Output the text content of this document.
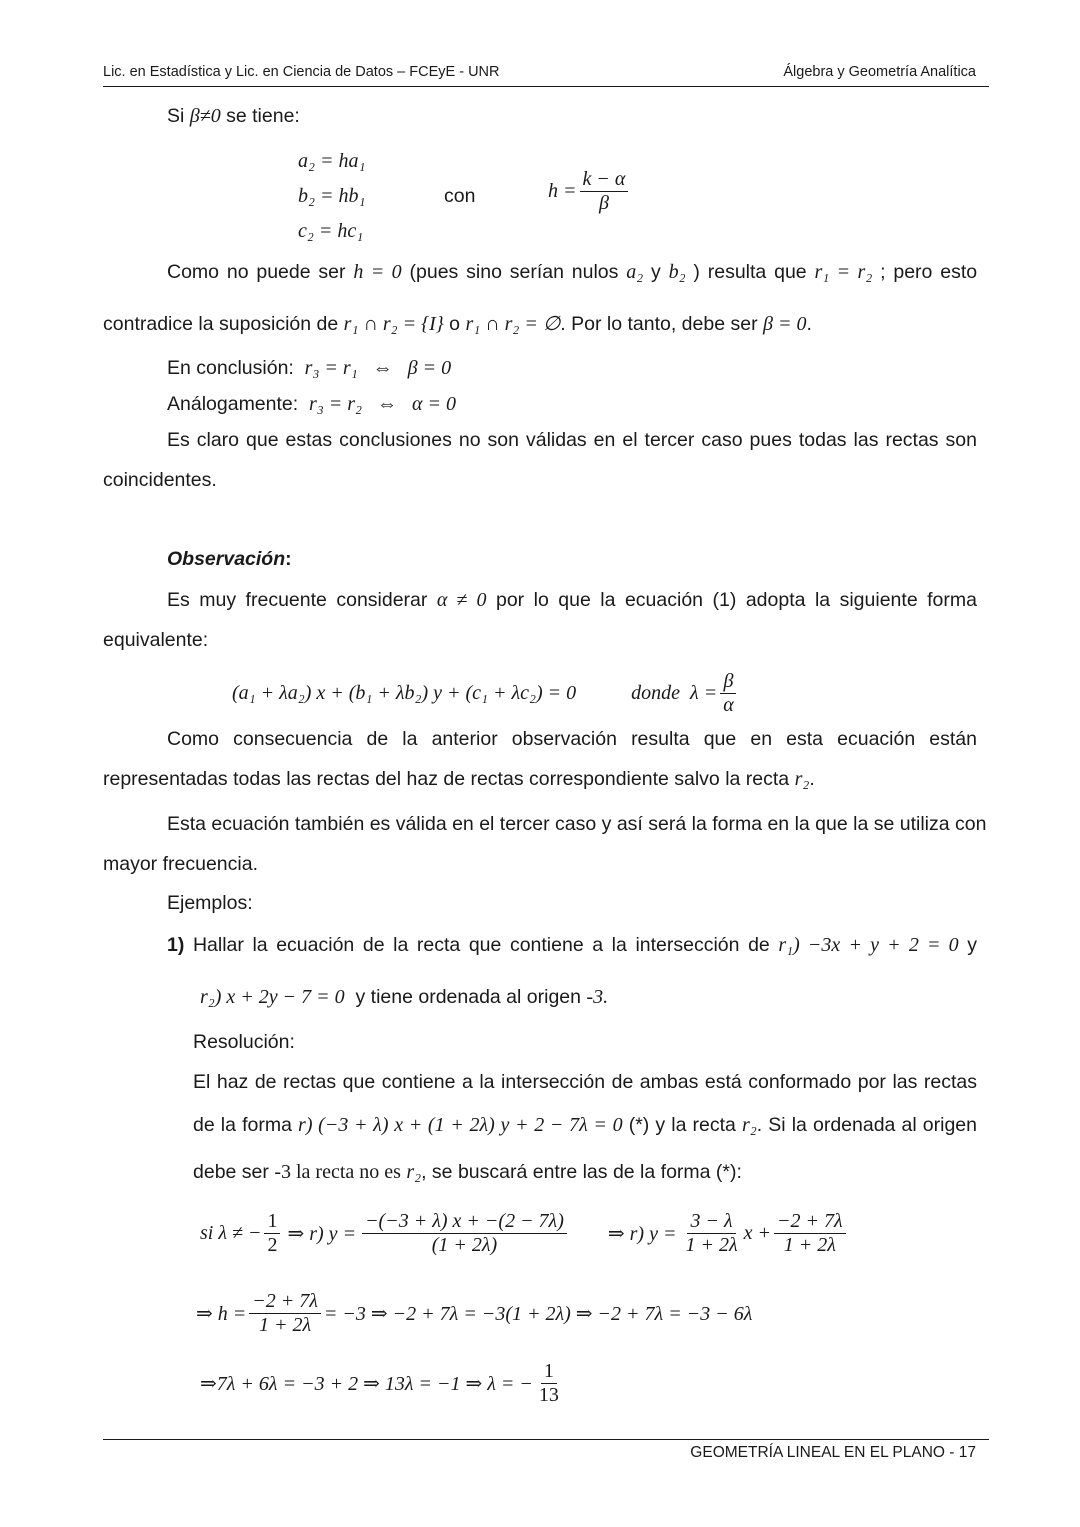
Lic. en Estadística y Lic. en Ciencia de Datos – FCEyE - UNR	Álgebra y Geometría Analítica
Si β≠0 se tiene:
a₂ = ha₁
b₂ = hb₁
c₂ = hc₁
con	$h = \frac{k - \alpha}{\beta}$
Como no puede ser h = 0 (pues sino serían nulos a₂ y b₂ ) resulta que r₁ = r₂ ; pero esto
contradice la suposición de r₁ ∩ r₂ = {I} o r₁ ∩ r₂ = ∅. Por lo tanto, debe ser β = 0.
En conclusión: r₃ = r₁   ⇔   β = 0
Análogamente: r₃ = r₂   ⇔   α = 0
Es claro que estas conclusiones no son válidas en el tercer caso pues todas las rectas son
coincidentes.
Observación:
Es muy frecuente considerar α ≠ 0 por lo que la ecuación (1) adopta la siguiente forma
equivalente:
(a₁ + λa₂) x + (b₁ + λb₂) y + (c₁ + λc₂) = 0	donde $\lambda = \frac{\beta}{\alpha}$
Como consecuencia de la anterior observación resulta que en esta ecuación están
representadas todas las rectas del haz de rectas correspondiente salvo la recta r₂.
Esta ecuación también es válida en el tercer caso y así será la forma en la que la se utiliza con
mayor frecuencia.
Ejemplos:
1) Hallar la ecuación de la recta que contiene a la intersección de r₁) −3x + y + 2 = 0 y
r₂) x + 2y − 7 = 0 y tiene ordenada al origen -3.
Resolución:
El haz de rectas que contiene a la intersección de ambas está conformado por las rectas
de la forma r) (−3 + λ) x + (1 + 2λ) y + 2 − 7λ = 0 (*) y la recta r₂. Si la ordenada al origen
debe ser -3 la recta no es r₂, se buscará entre las de la forma (*):
si λ ≠ − $\frac{1}{2}$ ⇒ r) $y = \frac{-(-3 + \lambda) x + -(2 - 7\lambda)}{(1 + 2\lambda)}$ ⇒ r) $y = \frac{3 - \lambda}{1 + 2\lambda}$ $x + \frac{-2 + 7\lambda}{1 + 2\lambda}$
⇒ $h = \frac{-2 + 7\lambda}{1 + 2\lambda} = -3$ ⇒ −2 + 7λ = −3(1 + 2λ) ⇒ −2 + 7λ = −3 − 6λ
⇒7λ + 6λ = −3 + 2 ⇒ 13λ = −1 ⇒ λ = − $\frac{1}{13}$
GEOMETRÍA LINEAL EN EL PLANO - 17
